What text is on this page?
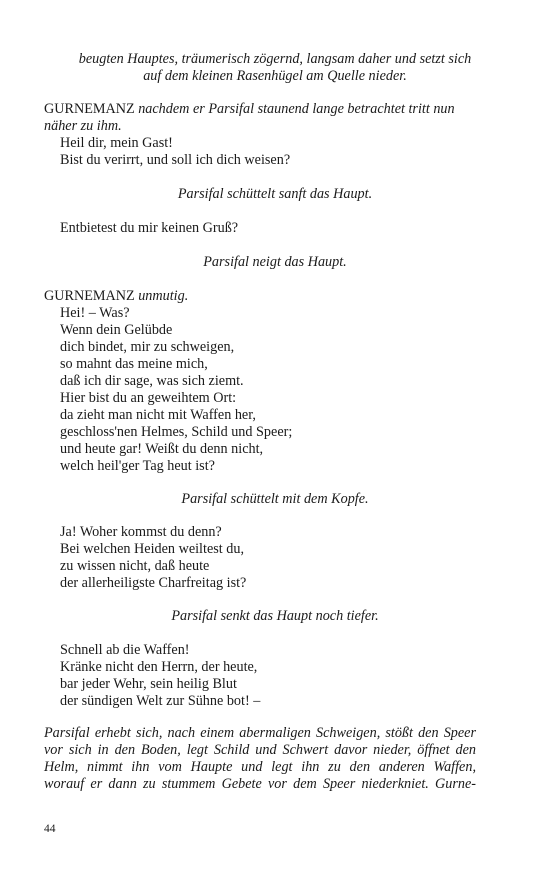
beugten Hauptes, träumerisch zögernd, langsam daher und setzt sich
auf dem kleinen Rasenhügel am Quelle nieder.
GURNEMANZ nachdem er Parsifal staunend lange betrachtet tritt nun
näher zu ihm.
Heil dir, mein Gast!
Bist du verirrt, und soll ich dich weisen?
Parsifal schüttelt sanft das Haupt.
Entbietest du mir keinen Gruß?
Parsifal neigt das Haupt.
GURNEMANZ unmutig.
Hei! – Was?
Wenn dein Gelübde
dich bindet, mir zu schweigen,
so mahnt das meine mich,
daß ich dir sage, was sich ziemt.
Hier bist du an geweihtem Ort:
da zieht man nicht mit Waffen her,
geschloss'nen Helmes, Schild und Speer;
und heute gar! Weißt du denn nicht,
welch heil'ger Tag heut ist?
Parsifal schüttelt mit dem Kopfe.
Ja! Woher kommst du denn?
Bei welchen Heiden weiltest du,
zu wissen nicht, daß heute
der allerheiligste Charfreitag ist?
Parsifal senkt das Haupt noch tiefer.
Schnell ab die Waffen!
Kränke nicht den Herrn, der heute,
bar jeder Wehr, sein heilig Blut
der sündigen Welt zur Sühne bot! –
Parsifal erhebt sich, nach einem abermaligen Schweigen, stößt den Speer
vor sich in den Boden, legt Schild und Schwert davor nieder, öffnet den
Helm, nimmt ihn vom Haupte und legt ihn zu den anderen Waffen,
worauf er dann zu stummem Gebete vor dem Speer niederkniet. Gurne-
44
